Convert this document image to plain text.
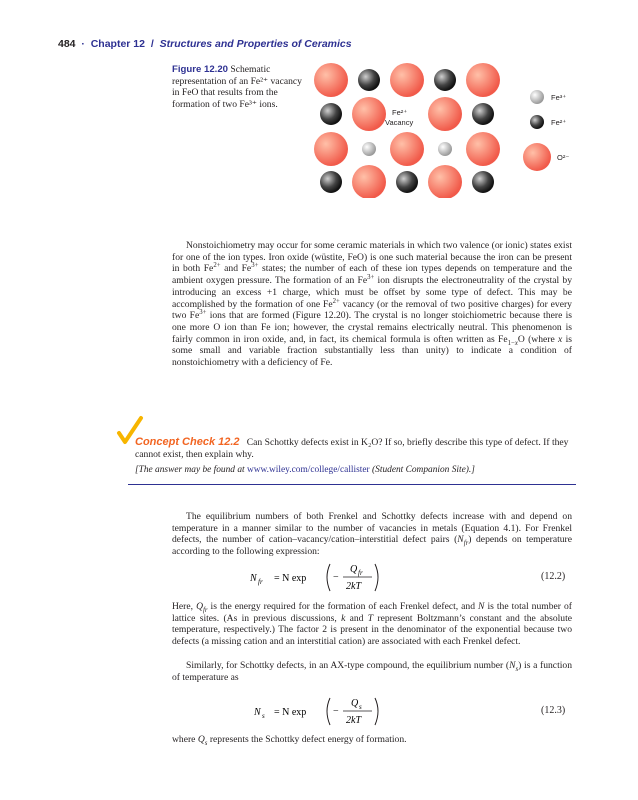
484 · Chapter 12 / Structures and Properties of Ceramics
Figure 12.20 Schematic representation of an Fe²⁺ vacancy in FeO that results from the formation of two Fe³⁺ ions.
Fe²⁺
Vacancy
Fe³⁺
Fe²⁺
O²⁻

Nonstoichiometry may occur for some ceramic materials in which two valence (or ionic) states exist for one of the ion types. Iron oxide (wüstite, FeO) is one such material because the iron can be present in both $Fe^{2+}$ and $Fe^{3+}$ states; the number of each of these ion types depends on temperature and the ambient oxygen pressure. The formation of an $Fe^{3+}$ ion disrupts the electroneutrality of the crystal by introducing an excess +1 charge, which must be offset by some type of defect. This may be accomplished by the formation of one $Fe^{2+}$ vacancy (or the removal of two positive charges) for every two $Fe^{3+}$ ions that are formed (Figure 12.20). The crystal is no longer stoichiometric because there is one more O ion than Fe ion; however, the crystal remains electrically neutral. This phenomenon is fairly common in iron oxide, and, in fact, its chemical formula is often written as $Fe_{1-x}O$ (where x is some small and variable fraction substantially less than unity) to indicate a condition of nonstoichiometry with a deficiency of Fe.

Concept Check 12.2 Can Schottky defects exist in K₂O? If so, briefly describe this type of defect. If they cannot exist, then explain why.
[The answer may be found at www.wiley.com/college/callister (Student Companion Site).]

The equilibrium numbers of both Frenkel and Schottky defects increase with and depend on temperature in a manner similar to the number of vacancies in metals (Equation 4.1). For Frenkel defects, the number of cation–vacancy/cation–interstitial defect pairs $(N_{fr})$ depends on temperature according to the following expression:

N fr = N exp	−
Q fr
2kT
(12.2)

Here, $Q_{fr}$ is the energy required for the formation of each Frenkel defect, and N is the total number of lattice sites. (As in previous discussions, k and T represent Boltzmann’s constant and the absolute temperature, respectively.) The factor 2 is present in the denominator of the exponential because two defects (a missing cation and an interstitial cation) are associated with each Frenkel defect.

Similarly, for Schottky defects, in an AX-type compound, the equilibrium number $(N_s)$ is a function of temperature as

N s = N exp	−
Q s
2kT
(12.3)

where $Q_s$ represents the Schottky defect energy of formation.
